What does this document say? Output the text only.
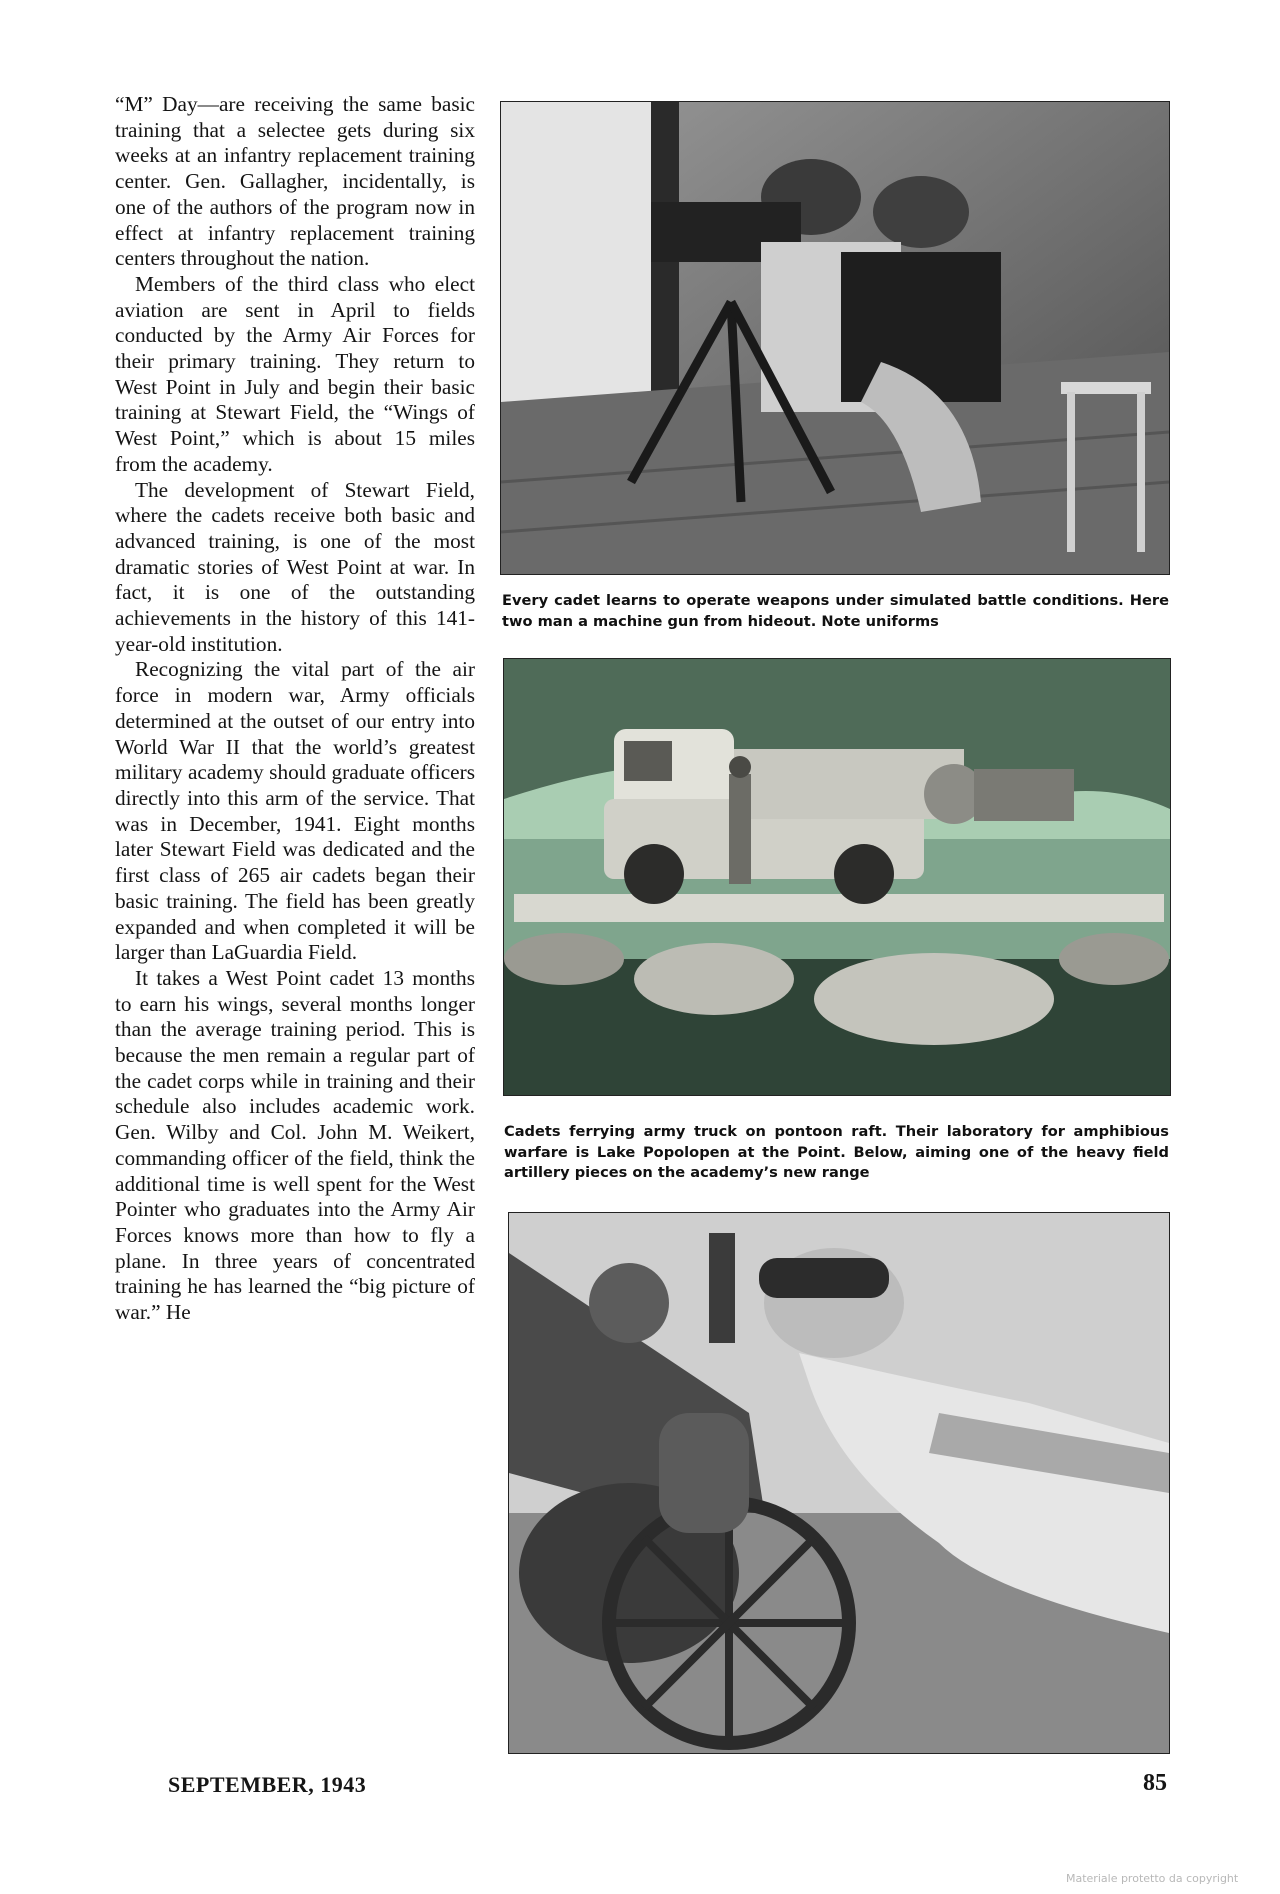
“M” Day—are receiving the same basic training that a selectee gets during six weeks at an infantry replacement training center. Gen. Gallagher, incidentally, is one of the authors of the program now in effect at infantry replacement training centers throughout the nation.

Members of the third class who elect aviation are sent in April to fields conducted by the Army Air Forces for their primary training. They return to West Point in July and begin their basic training at Stewart Field, the “Wings of West Point,” which is about 15 miles from the academy.

The development of Stewart Field, where the cadets receive both basic and advanced training, is one of the most dramatic stories of West Point at war. In fact, it is one of the outstanding achievements in the history of this 141-year-old institution.

Recognizing the vital part of the air force in modern war, Army officials determined at the outset of our entry into World War II that the world’s greatest military academy should graduate officers directly into this arm of the service. That was in December, 1941. Eight months later Stewart Field was dedicated and the first class of 265 air cadets began their basic training. The field has been greatly expanded and when completed it will be larger than LaGuardia Field.

It takes a West Point cadet 13 months to earn his wings, several months longer than the average training period. This is because the men remain a regular part of the cadet corps while in training and their schedule also includes academic work. Gen. Wilby and Col. John M. Weikert, commanding officer of the field, think the additional time is well spent for the West Pointer who graduates into the Army Air Forces knows more than how to fly a plane. In three years of concentrated training he has learned the “big picture of war.” He

Every cadet learns to operate weapons under simulated battle conditions. Here two man a machine gun from hideout. Note uniforms
Cadets ferrying army truck on pontoon raft. Their laboratory for amphibious warfare is Lake Popolopen at the Point. Below, aiming one of the heavy field artillery pieces on the academy’s new range
SEPTEMBER, 1943	85
Materiale protetto da copyright
